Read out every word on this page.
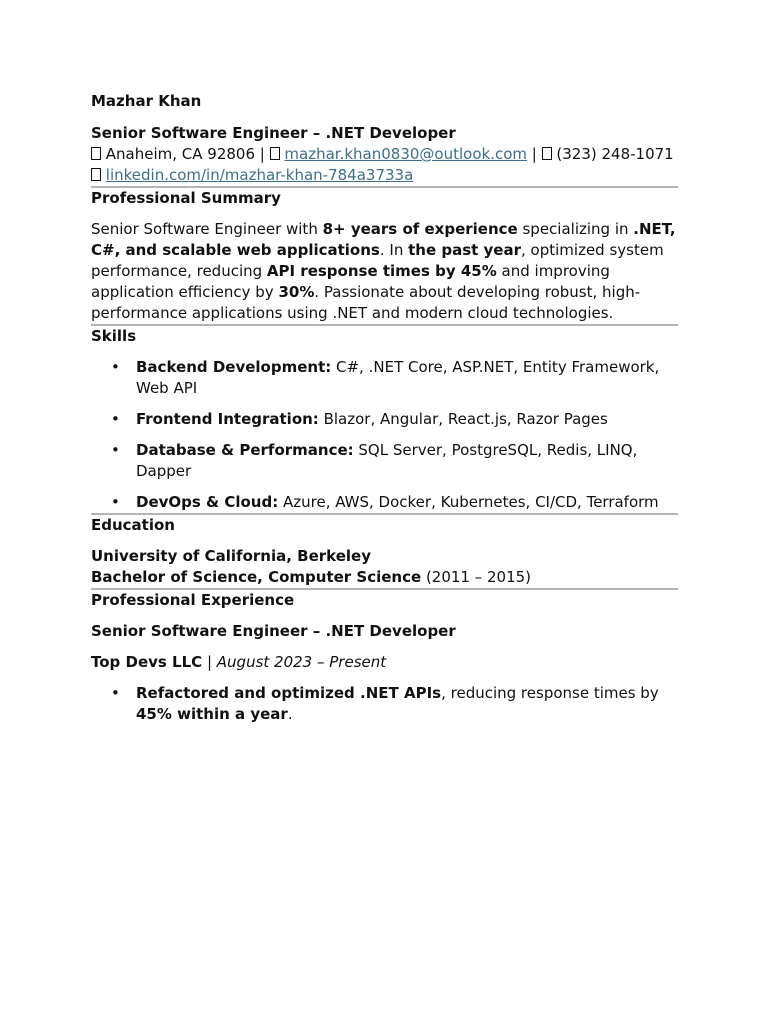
Mazhar Khan

Senior Software Engineer – .NET Developer

Anaheim, CA 92806 | mazhar.khan0830@outlook.com | (323) 248-1071

linkedin.com/in/mazhar-khan-784a3733a

Professional Summary

Senior Software Engineer with 8+ years of experience specializing in .NET, C#, and scalable web applications. In the past year, optimized system performance, reducing API response times by 45% and improving application efficiency by 30%. Passionate about developing robust, high-performance applications using .NET and modern cloud technologies.

Skills
• Backend Development: C#, .NET Core, ASP.NET, Entity Framework, Web API
• Frontend Integration: Blazor, Angular, React.js, Razor Pages
• Database & Performance: SQL Server, PostgreSQL, Redis, LINQ, Dapper
• DevOps & Cloud: Azure, AWS, Docker, Kubernetes, CI/CD, Terraform
Education

University of California, Berkeley

Bachelor of Science, Computer Science (2011 – 2015)

Professional Experience

Senior Software Engineer – .NET Developer

Top Devs LLC | August 2023 – Present

• Refactored and optimized .NET APIs, reducing response times by 45% within a year.
